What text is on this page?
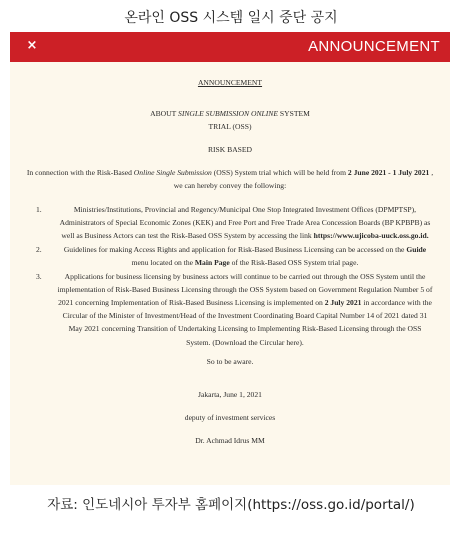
온라인 OSS 시스템 일시 중단 공지
×	ANNOUNCEMENT
ANNOUNCEMENT
ABOUT SINGLE SUBMISSION ONLINE SYSTEM
TRIAL (OSS)
RISK BASED
In connection with the Risk-Based Online Single Submission (OSS) System trial which will be held from 2 June 2021 - 1 July 2021 , we can hereby convey the following:
1.	Ministries/Institutions, Provincial and Regency/Municipal One Stop Integrated Investment Offices (DPMPTSP), Administrators of Special Economic Zones (KEK) and Free Port and Free Trade Area Concession Boards (BP KPBPB) as well as Business Actors can test the Risk-Based OSS System by accessing the link https://www.ujicoba-uuck.oss.go.id.
2.	Guidelines for making Access Rights and application for Risk-Based Business Licensing can be accessed on the Guide menu located on the Main Page of the Risk-Based OSS System trial page.
3.	Applications for business licensing by business actors will continue to be carried out through the OSS System until the implementation of Risk-Based Business Licensing through the OSS System based on Government Regulation Number 5 of 2021 concerning Implementation of Risk-Based Business Licensing is implemented on 2 July 2021 in accordance with the Circular of the Minister of Investment/Head of the Investment Coordinating Board Capital Number 14 of 2021 dated 31 May 2021 concerning Transition of Undertaking Licensing to Implementing Risk-Based Licensing through the OSS System. (Download the Circular here).
So to be aware.
Jakarta, June 1, 2021
deputy of investment services
Dr. Achmad Idrus MM
자료: 인도네시아 투자부 홈페이지(https://oss.go.id/portal/)
